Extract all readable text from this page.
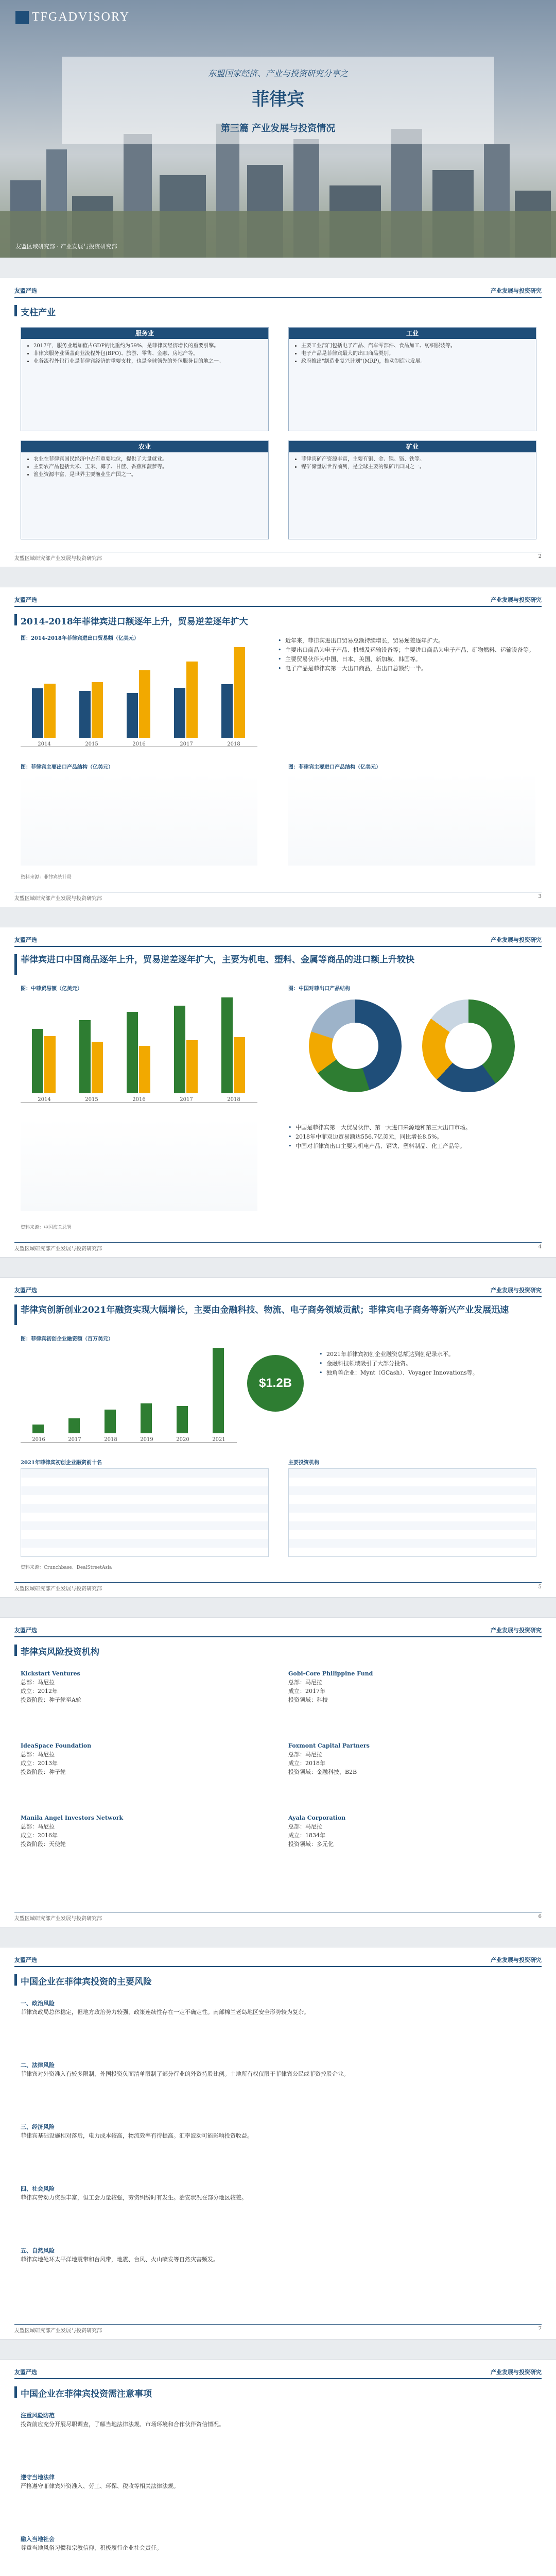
TFGADVISORY
东盟国家经济、产业与投资研究分享之
菲律宾
第三篇 产业发展与投资情况
友盟区域研究部 · 产业发展与投资研究部
友盟严选	产业发展与投资研究
支柱产业
服务业
• 2017年，服务业增加值占GDP的比重约为59%，是菲律宾经济增长的重要引擎。
• 菲律宾服务业涵盖商业流程外包(BPO)、旅游、零售、金融、房地产等。
• 业务流程外包行业是菲律宾经济的重要支柱，也是全球领先的外包服务目的地之一。
工业
• 主要工业部门包括电子产品、汽车零部件、食品加工、纺织服装等。
• 电子产品是菲律宾最大的出口商品类别。
• 政府推出"制造业复兴计划"(MRP)，推动制造业发展。
农业
• 农业在菲律宾国民经济中占有重要地位，提供了大量就业。
• 主要农产品包括大米、玉米、椰子、甘蔗、香蕉和菠萝等。
• 渔业资源丰富，是世界主要渔业生产国之一。
矿业
• 菲律宾矿产资源丰富，主要有铜、金、镍、铬、铁等。
• 镍矿储量居世界前列，是全球主要的镍矿出口国之一。
友盟区域研究部产业发展与投资研究部	2
友盟严选	产业发展与投资研究
2014-2018年菲律宾进口额逐年上升，贸易逆差逐年扩大
图：2014-2018年菲律宾进出口贸易额（亿美元）
2014	2015	2016	2017	2018
• 近年来，菲律宾进出口贸易总额持续增长，贸易逆差逐年扩大。
• 主要出口商品为电子产品、机械及运输设备等；主要进口商品为电子产品、矿物燃料、运输设备等。
• 主要贸易伙伴为中国、日本、美国、新加坡、韩国等。
• 电子产品是菲律宾第一大出口商品，占出口总额约一半。
图：菲律宾主要出口产品结构（亿美元）	图：菲律宾主要进口产品结构（亿美元）
资料来源：菲律宾统计局
友盟区域研究部产业发展与投资研究部	3
友盟严选	产业发展与投资研究
菲律宾进口中国商品逐年上升，贸易逆差逐年扩大，主要为机电、塑料、金属等商品的进口额上升较快
图：中菲贸易额（亿美元）
2014	2015	2016	2017	2018
图：中国对菲出口产品结构
• 中国是菲律宾第一大贸易伙伴、第一大进口来源地和第三大出口市场。
• 2018年中菲双边贸易额达556.7亿美元，同比增长8.5%。
• 中国对菲律宾出口主要为机电产品、钢铁、塑料制品、化工产品等。
资料来源：中国海关总署
友盟区域研究部产业发展与投资研究部	4
友盟严选	产业发展与投资研究
菲律宾创新创业2021年融资实现大幅增长，主要由金融科技、物流、电子商务领域贡献；菲律宾电子商务等新兴产业发展迅速
图：菲律宾初创企业融资额（百万美元）
2016	2017	2018	2019	2020	2021
$1.2B
• 2021年菲律宾初创企业融资总额达到创纪录水平。
• 金融科技领域吸引了大部分投资。
• 独角兽企业：Mynt（GCash）、Voyager Innovations等。
2021年菲律宾初创企业融资前十名	主要投资机构
资料来源：Crunchbase、DealStreetAsia
友盟区域研究部产业发展与投资研究部	5
友盟严选	产业发展与投资研究
菲律宾风险投资机构
Kickstart Ventures
总部：马尼拉
成立：2012年
投资阶段：种子轮至A轮
Gobi-Core Philippine Fund
总部：马尼拉
成立：2017年
投资领域：科技
IdeaSpace Foundation
总部：马尼拉
成立：2013年
投资阶段：种子轮
Foxmont Capital Partners
总部：马尼拉
成立：2018年
投资领域：金融科技、B2B
Manila Angel Investors Network
总部：马尼拉
成立：2016年
投资阶段：天使轮
Ayala Corporation
总部：马尼拉
成立：1834年
投资领域：多元化
友盟区域研究部产业发展与投资研究部	6
友盟严选	产业发展与投资研究
中国企业在菲律宾投资的主要风险
一、政治风险
菲律宾政局总体稳定，但地方政治势力较强，政策连续性存在一定不确定性。南部棉兰老岛地区安全形势较为复杂。
二、法律风险
菲律宾对外资准入有较多限制，外国投资负面清单限制了部分行业的外资持股比例。土地所有权仅限于菲律宾公民或菲资控股企业。
三、经济风险
菲律宾基础设施相对落后，电力成本较高，物流效率有待提高。汇率波动可能影响投资收益。
四、社会风险
菲律宾劳动力资源丰富，但工会力量较强，劳资纠纷时有发生。治安状况在部分地区较差。
五、自然风险
菲律宾地处环太平洋地震带和台风带，地震、台风、火山喷发等自然灾害频发。
友盟区域研究部产业发展与投资研究部	7
友盟严选	产业发展与投资研究
中国企业在菲律宾投资需注意事项
注重风险防范
投资前应充分开展尽职调查，了解当地法律法规、市场环境和合作伙伴资信情况。
遵守当地法律
严格遵守菲律宾外资准入、劳工、环保、税收等相关法律法规。
融入当地社会
尊重当地风俗习惯和宗教信仰，积极履行企业社会责任。
